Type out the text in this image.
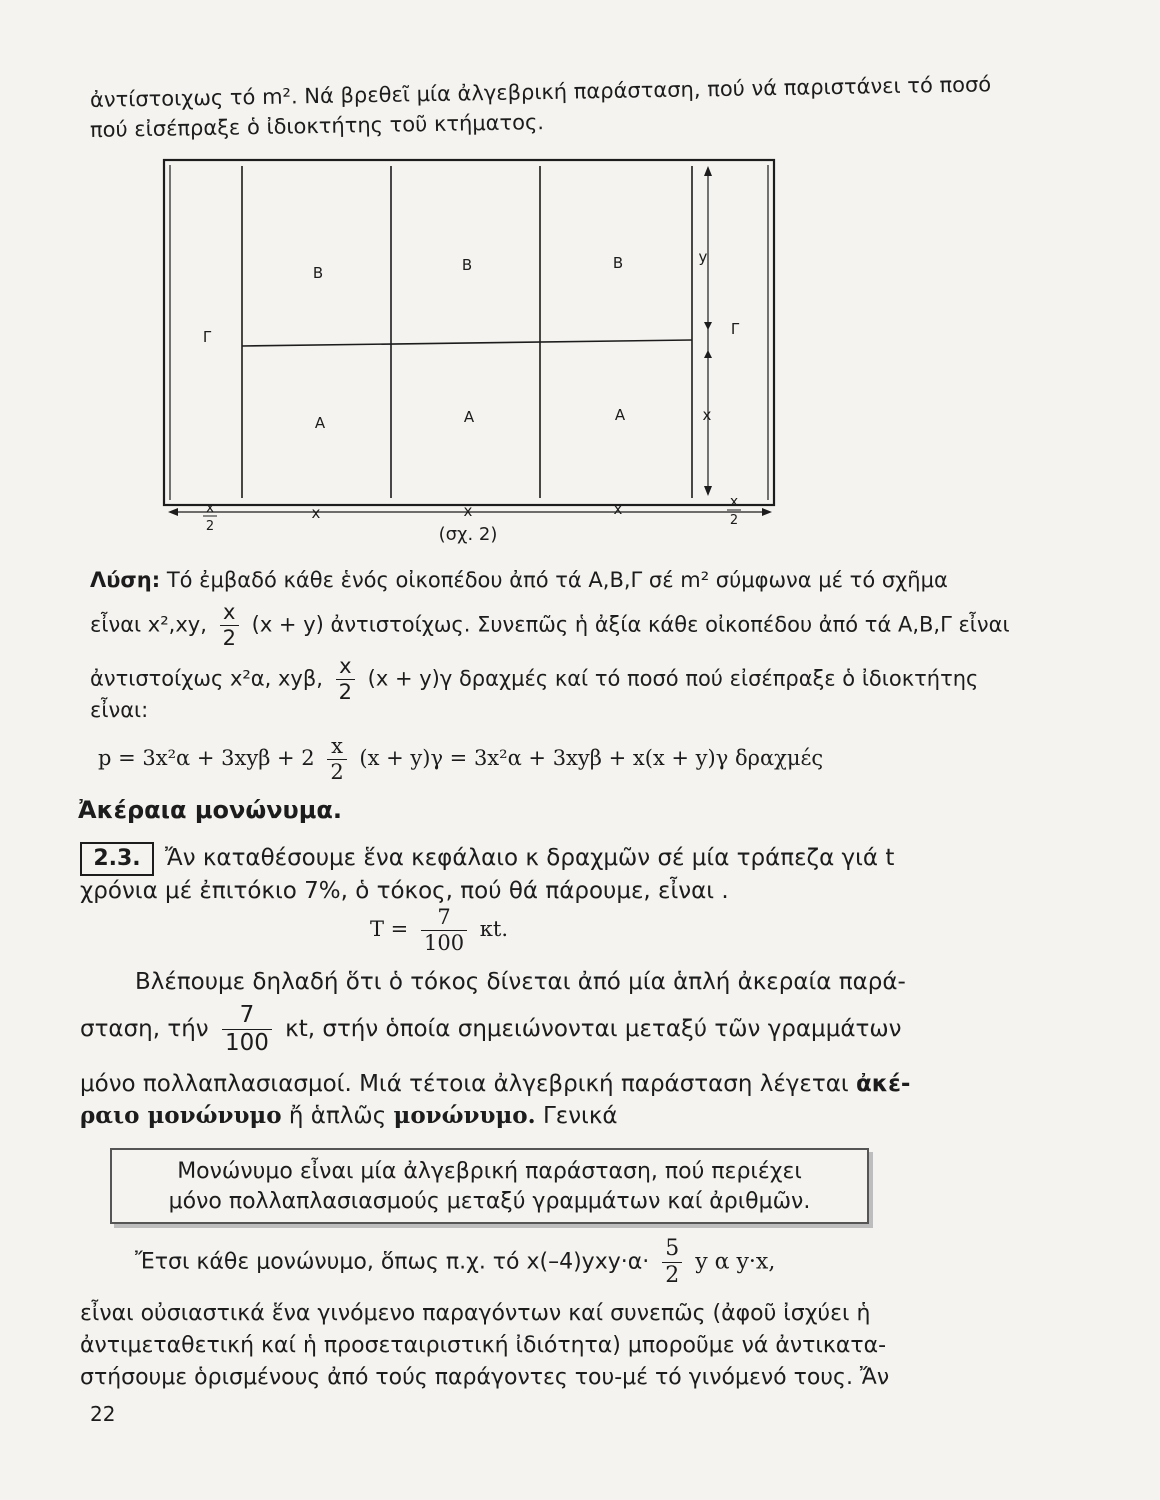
ἀντίστοιχως τό m². Νά βρεθεῖ μία ἀλγεβρική παράσταση, πού νά παριστάνει τό ποσό
πού εἰσέπραξε ὁ ἰδιοκτήτης τοῦ κτήματος.
B	B	B
Γ	Γ
A	A	A
y
x
x
2
x	x	x	x
2
(σχ. 2)
Λύση: Τό ἐμβαδό κάθε ἑνός οἰκοπέδου ἀπό τά A,B,Γ σέ m² σύμφωνα μέ τό σχῆμα
εἶναι x²,xy, $\frac{x}{2} (x + y)$ ἀντιστοίχως. Συνεπῶς ἡ ἀξία κάθε οἰκοπέδου ἀπό τά A,B,Γ εἶναι
ἀντιστοίχως x²α, xyβ, $\frac{x}{2} (x + y)\gamma$ δραχμές καί τό ποσό πού εἰσέπραξε ὁ ἰδιοκτήτης
εἶναι:
$p = 3x^2\alpha + 3xy\beta + 2 \frac{x}{2} (x + y)\gamma = 3x^2\alpha + 3xy\beta + x(x + y)\gamma$ δραχμές
Ἀκέραια μονώνυμα.
2.3.	Ἄν καταθέσουμε ἕνα κεφάλαιο κ δραχμῶν σέ μία τράπεζα γιά t
χρόνια μέ ἐπιτόκιο 7%, ὁ τόκος, πού θά πάρουμε, εἶναι .
$T = \frac{7}{100} \kappa t$.
Βλέπουμε δηλαδή ὅτι ὁ τόκος δίνεται ἀπό μία ἁπλή ἀκεραία παρά-
σταση, τήν $\frac{7}{100} \kappa t$, στήν ὁποία σημειώνονται μεταξύ τῶν γραμμάτων
μόνο πολλαπλασιασμοί. Μιά τέτοια ἀλγεβρική παράσταση λέγεται ἀκέ-
ραιο μονώνυμο ἤ ἁπλῶς μονώνυμο. Γενικά
Μονώνυμο εἶναι μία ἀλγεβρική παράσταση, πού περιέχει
μόνο πολλαπλασιασμούς μεταξύ γραμμάτων καί ἀριθμῶν.
Ἔτσι κάθε μονώνυμο, ὅπως π.χ. τό $x(-4)yxy\cdot\alpha\cdot \frac{5}{2}$ y α y·x,
εἶναι οὐσιαστικά ἕνα γινόμενο παραγόντων καί συνεπῶς (ἀφοῦ ἰσχύει ἡ
ἀντιμεταθετική καί ἡ προσεταιριστική ἰδιότητα) μποροῦμε νά ἀντικατα-
στήσουμε ὁρισμένους ἀπό τούς παράγοντες του-μέ τό γινόμενό τους. Ἄν
22
